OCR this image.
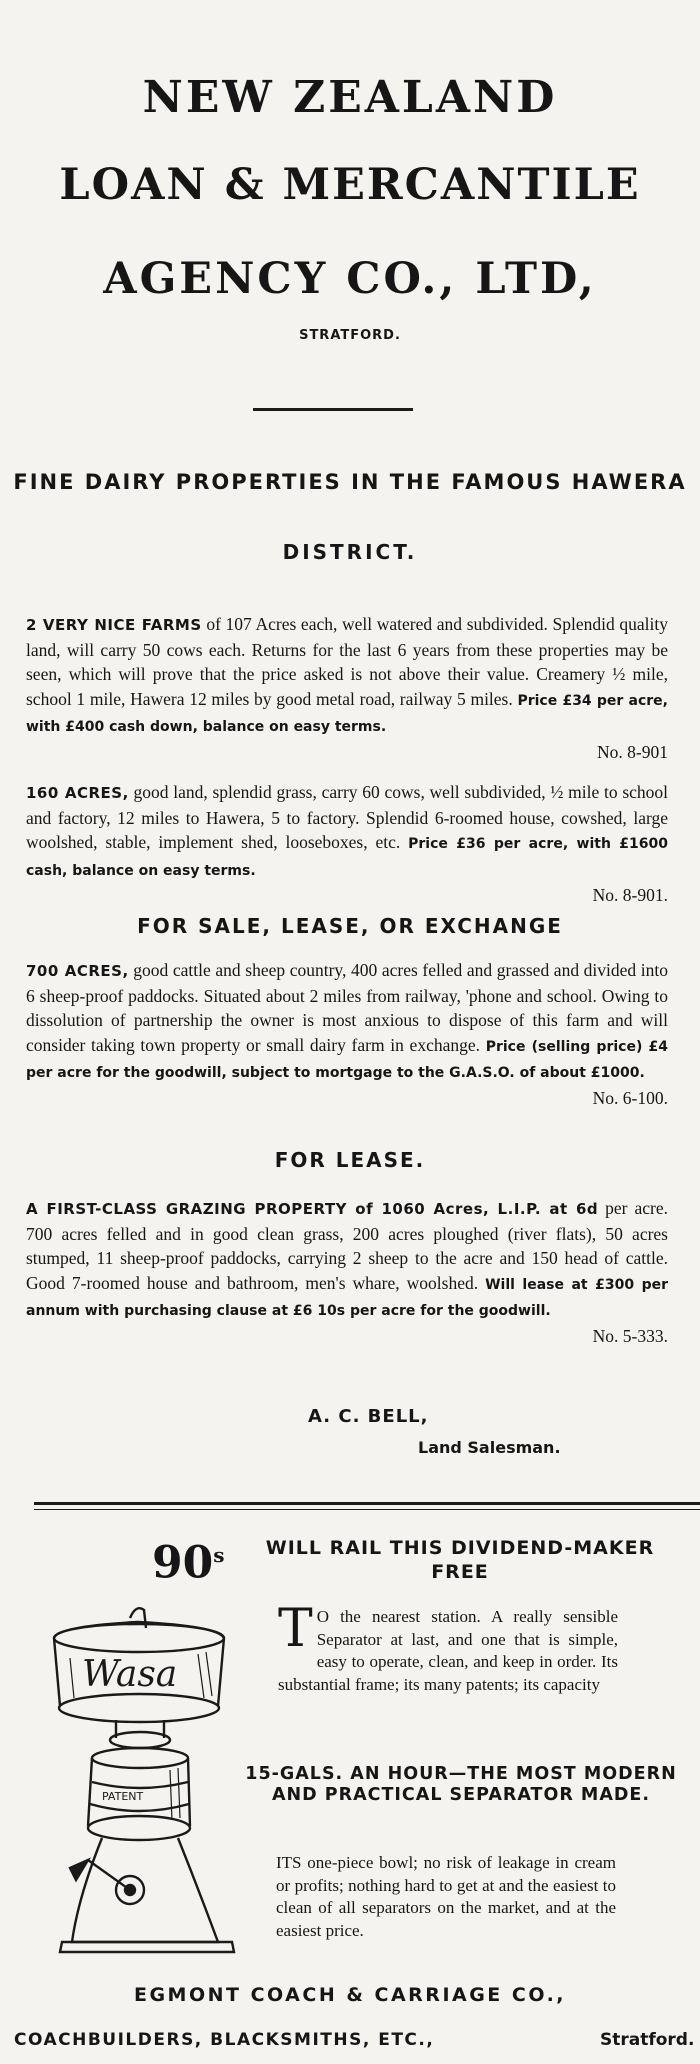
NEW ZEALAND
LOAN & MERCANTILE
AGENCY CO., LTD,
STRATFORD.
FINE DAIRY PROPERTIES IN THE FAMOUS HAWERA
DISTRICT.

2 VERY NICE FARMS of 107 Acres each, well watered and subdivided. Splendid quality land, will carry 50 cows each. Returns for the last 6 years from these properties may be seen, which will prove that the price asked is not above their value. Creamery ½ mile, school 1 mile, Hawera 12 miles by good metal road, railway 5 miles. Price £34 per acre, with £400 cash down, balance on easy terms.
No. 8-901

160 ACRES, good land, splendid grass, carry 60 cows, well subdivided, ½ mile to school and factory, 12 miles to Hawera, 5 to factory. Splendid 6-roomed house, cowshed, large woolshed, stable, implement shed, looseboxes, etc. Price £36 per acre, with £1600 cash, balance on easy terms.
No. 8-901.

FOR SALE, LEASE, OR EXCHANGE

700 ACRES, good cattle and sheep country, 400 acres felled and grassed and divided into 6 sheep-proof paddocks. Situated about 2 miles from railway, 'phone and school. Owing to dissolution of partnership the owner is most anxious to dispose of this farm and will consider taking town property or small dairy farm in exchange. Price (selling price) £4 per acre for the goodwill, subject to mortgage to the G.A.S.O. of about £1000.
No. 6-100.

FOR LEASE.

A FIRST-CLASS GRAZING PROPERTY of 1060 Acres, L.I.P. at 6d per acre. 700 acres felled and in good clean grass, 200 acres ploughed (river flats), 50 acres stumped, 11 sheep-proof paddocks, carrying 2 sheep to the acre and 150 head of cattle. Good 7-roomed house and bathroom, men's whare, woolshed. Will lease at £300 per annum with purchasing clause at £6 10s per acre for the goodwill.
No. 5-333.

A. C. BELL,
Land Salesman.
90$^s$	WILL RAIL THIS DIVIDEND-MAKER FREE
Wasa
PATENT

T O the nearest station. A really sensible Separator at last, and one that is simple, easy to operate, clean, and keep in order. Its substantial frame; its many patents; its capacity

15-GALS. AN HOUR—THE MOST MODERN AND PRACTICAL SEPARATOR MADE.

ITS one-piece bowl; no risk of leakage in cream or profits; nothing hard to get at and the easiest to clean of all separators on the market, and at the easiest price.

EGMONT COACH & CARRIAGE CO.,
COACHBUILDERS, BLACKSMITHS, ETC.,	Stratford.
